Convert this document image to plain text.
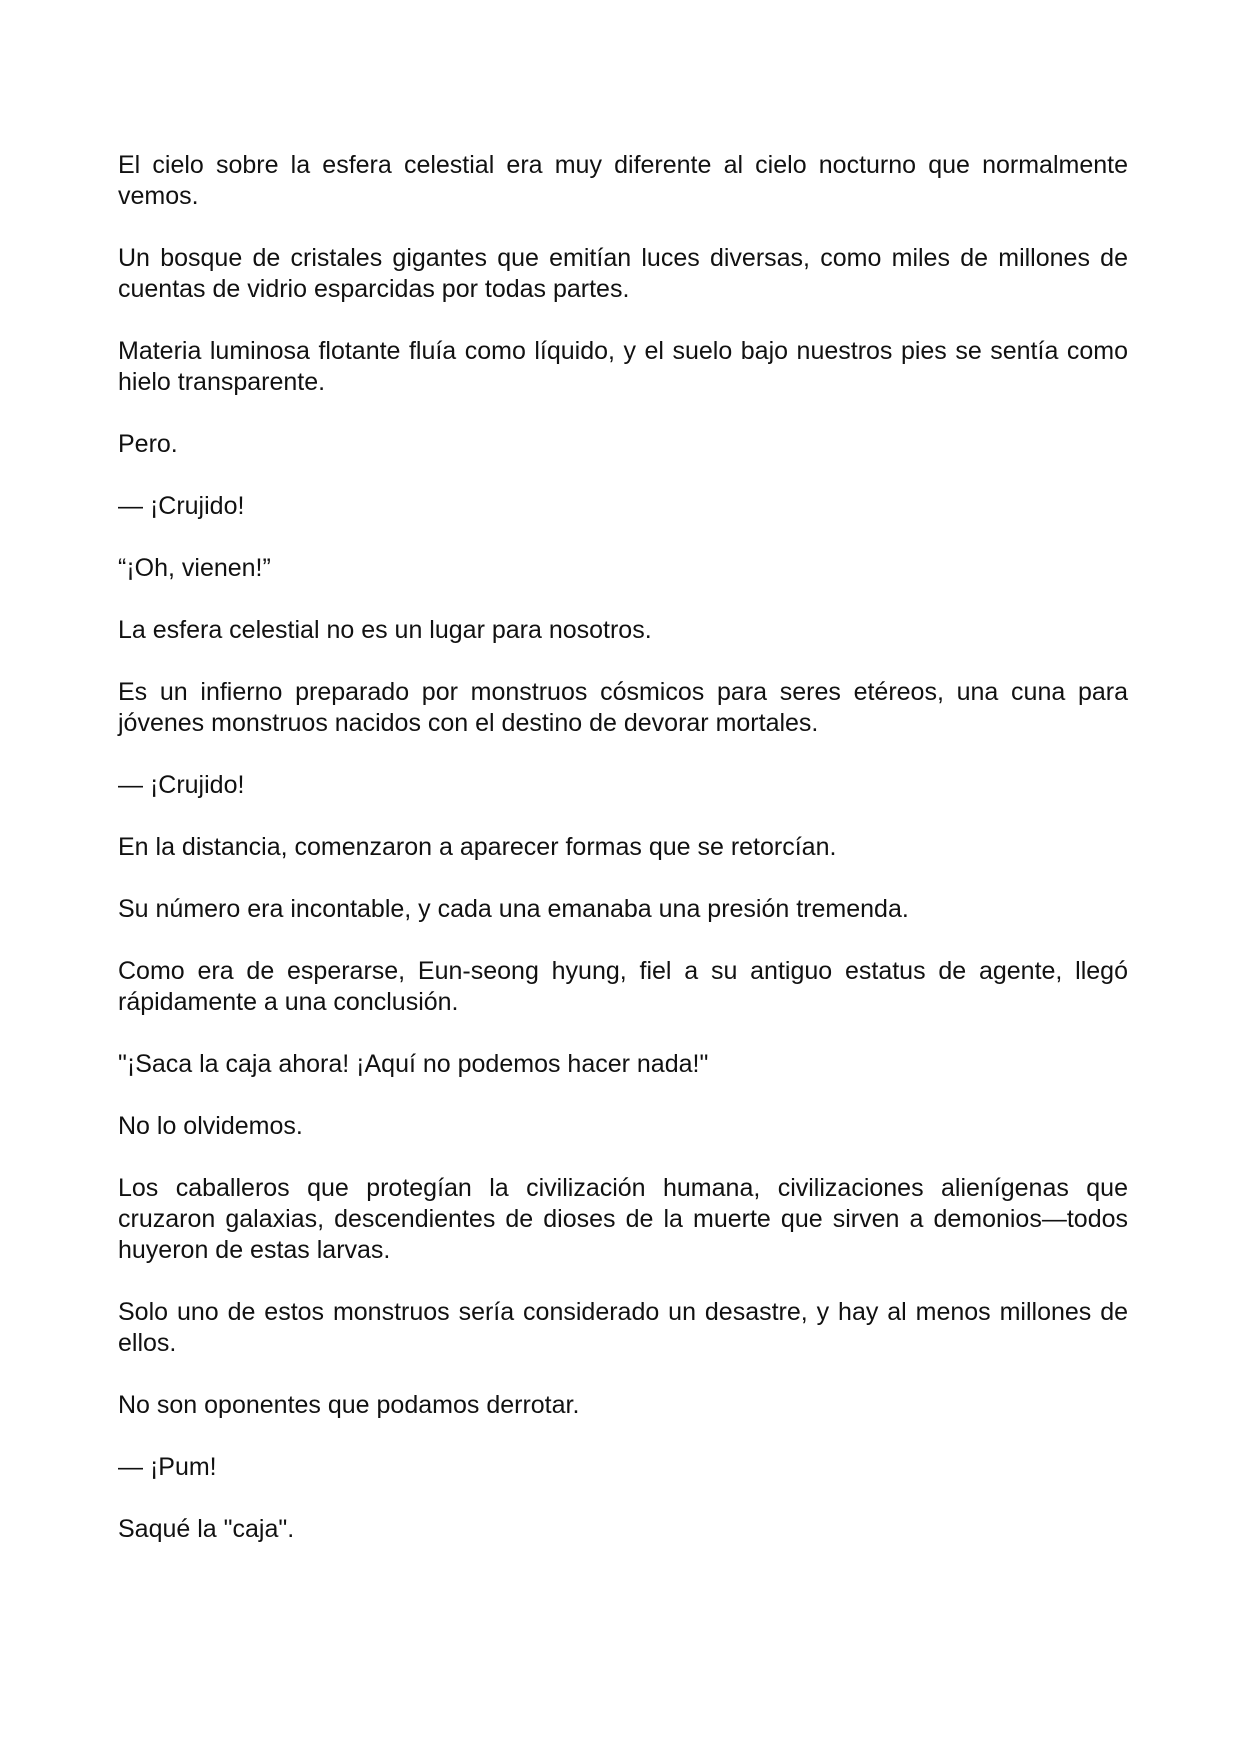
El cielo sobre la esfera celestial era muy diferente al cielo nocturno que normalmente vemos.

Un bosque de cristales gigantes que emitían luces diversas, como miles de millones de cuentas de vidrio esparcidas por todas partes.

Materia luminosa flotante fluía como líquido, y el suelo bajo nuestros pies se sentía como hielo transparente.

Pero.

— ¡Crujido!

“¡Oh, vienen!”

La esfera celestial no es un lugar para nosotros.

Es un infierno preparado por monstruos cósmicos para seres etéreos, una cuna para jóvenes monstruos nacidos con el destino de devorar mortales.

— ¡Crujido!

En la distancia, comenzaron a aparecer formas que se retorcían.

Su número era incontable, y cada una emanaba una presión tremenda.

Como era de esperarse, Eun-seong hyung, fiel a su antiguo estatus de agente, llegó rápidamente a una conclusión.

"¡Saca la caja ahora! ¡Aquí no podemos hacer nada!"

No lo olvidemos.

Los caballeros que protegían la civilización humana, civilizaciones alienígenas que cruzaron galaxias, descendientes de dioses de la muerte que sirven a demonios—todos huyeron de estas larvas.

Solo uno de estos monstruos sería considerado un desastre, y hay al menos millones de ellos.

No son oponentes que podamos derrotar.

— ¡Pum!

Saqué la "caja".
